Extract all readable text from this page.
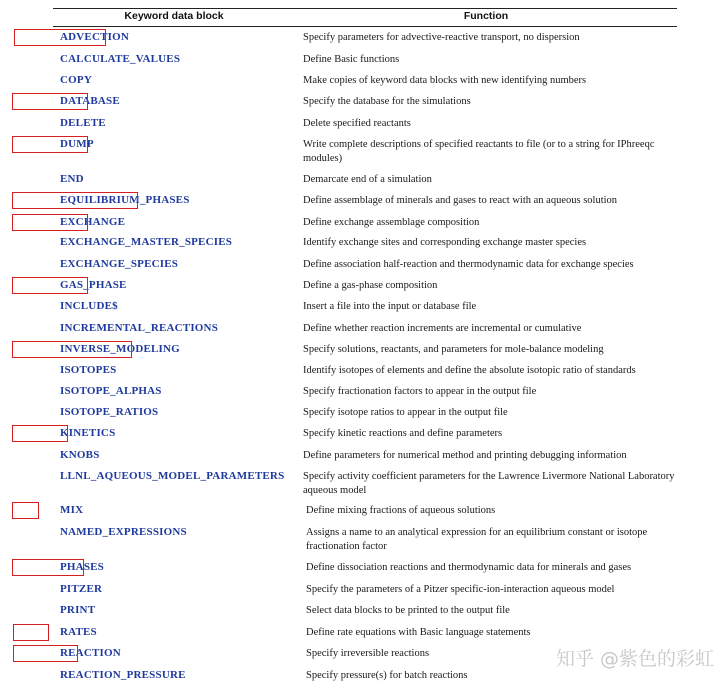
Keyword data block	Function
ADVECTION	Specify parameters for advective-reactive transport, no dispersion
CALCULATE_VALUES	Define Basic functions
COPY	Make copies of keyword data blocks with new identifying numbers
DATABASE	Specify the database for the simulations
DELETE	Delete specified reactants
DUMP	Write complete descriptions of specified reactants to file (or to a string for IPhreeqc modules)
END	Demarcate end of a simulation
EQUILIBRIUM_PHASES	Define assemblage of minerals and gases to react with an aqueous solution
EXCHANGE	Define exchange assemblage composition
EXCHANGE_MASTER_SPECIES	Identify exchange sites and corresponding exchange master species
EXCHANGE_SPECIES	Define association half-reaction and thermodynamic data for exchange species
GAS_PHASE	Define a gas-phase composition
INCLUDE$	Insert a file into the input or database file
INCREMENTAL_REACTIONS	Define whether reaction increments are incremental or cumulative
INVERSE_MODELING	Specify solutions, reactants, and parameters for mole-balance modeling
ISOTOPES	Identify isotopes of elements and define the absolute isotopic ratio of standards
ISOTOPE_ALPHAS	Specify fractionation factors to appear in the output file
ISOTOPE_RATIOS	Specify isotope ratios to appear in the output file
KINETICS	Specify kinetic reactions and define parameters
KNOBS	Define parameters for numerical method and printing debugging information
LLNL_AQUEOUS_MODEL_PARAMETERS	Specify activity coefficient parameters for the Lawrence Livermore National Laboratory aqueous model
MIX	Define mixing fractions of aqueous solutions
NAMED_EXPRESSIONS	Assigns a name to an analytical expression for an equilibrium constant or isotope fractionation factor
PHASES	Define dissociation reactions and thermodynamic data for minerals and gases
PITZER	Specify the parameters of a Pitzer specific-ion-interaction aqueous model
PRINT	Select data blocks to be printed to the output file
RATES	Define rate equations with Basic language statements
REACTION	Specify irreversible reactions
REACTION_PRESSURE	Specify pressure(s) for batch reactions
知乎 @紫色的彩虹
